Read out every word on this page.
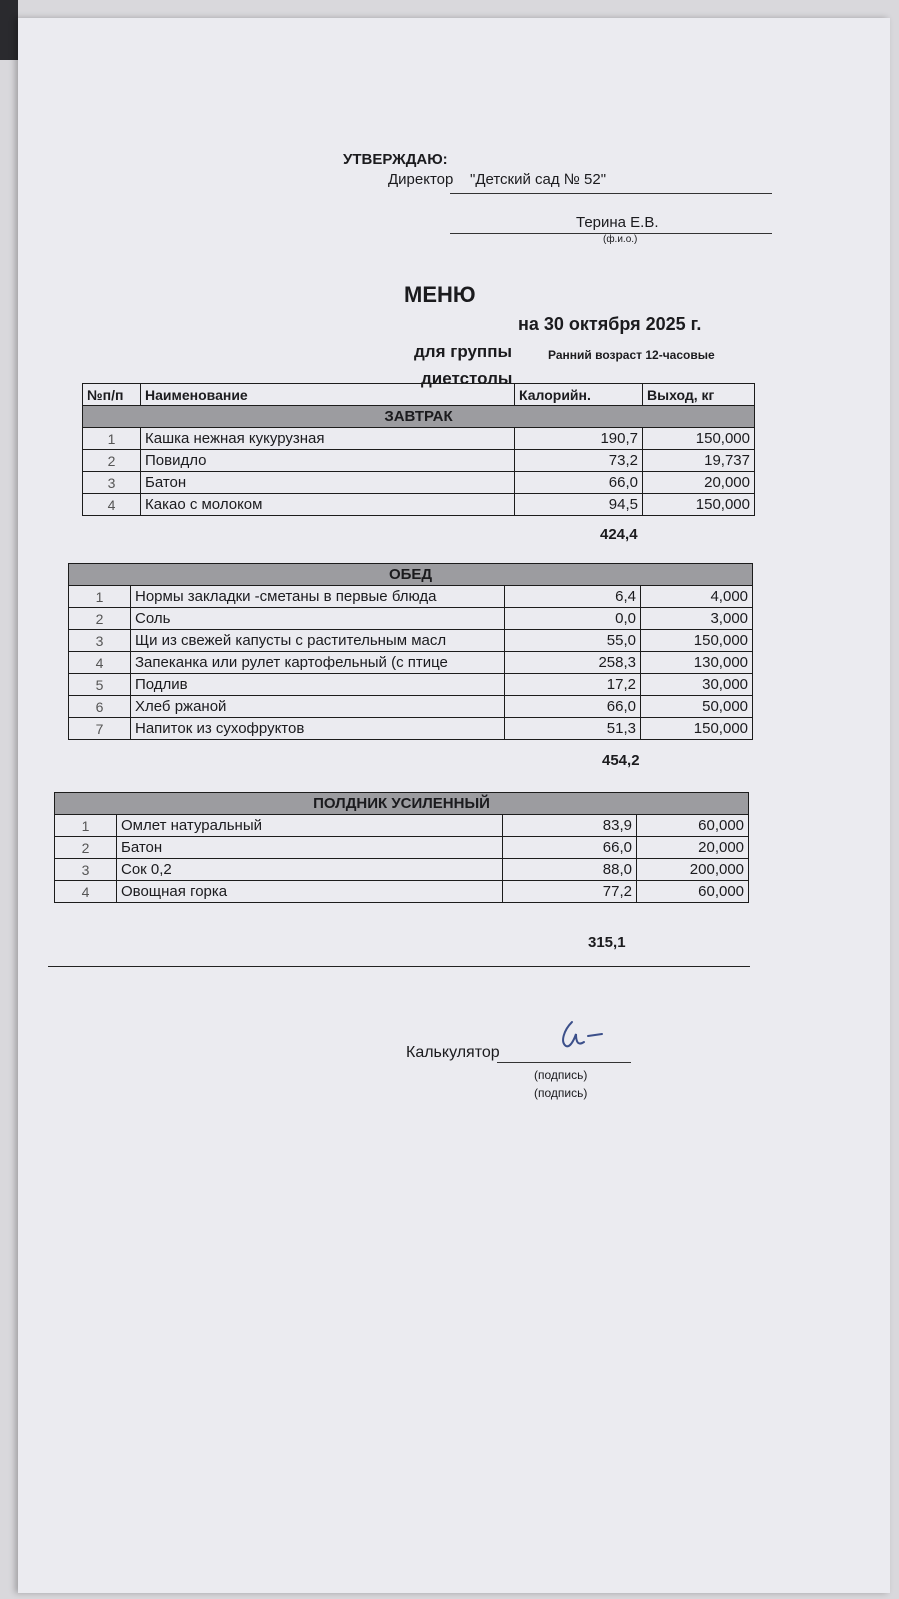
УТВЕРЖДАЮ:
Директор "Детский сад № 52"
Терина Е.В.
(ф.и.о.)
МЕНЮ
на 30 октября 2025 г.
для группы	Ранний возраст 12-часовые
диетстолы
№п/п	Наименование	Калорийн.	Выход, кг
ЗАВТРАК			
1	Кашка нежная кукурузная	190,7	150,000
2	Повидло	73,2	19,737
3	Батон	66,0	20,000
4	Какао с молоком	94,5	150,000
424,4
ОБЕД			
1	Нормы закладки -сметаны в первые блюда	6,4	4,000
2	Соль	0,0	3,000
3	Щи из свежей капусты с растительным масл	55,0	150,000
4	Запеканка или рулет картофельный (с птице	258,3	130,000
5	Подлив	17,2	30,000
6	Хлеб ржаной	66,0	50,000
7	Напиток из сухофруктов	51,3	150,000
454,2
ПОЛДНИК УСИЛЕННЫЙ			
1	Омлет натуральный	83,9	60,000
2	Батон	66,0	20,000
3	Сок 0,2	88,0	200,000
4	Овощная горка	77,2	60,000
315,1
Калькулятор
(подпись)
(подпись)
